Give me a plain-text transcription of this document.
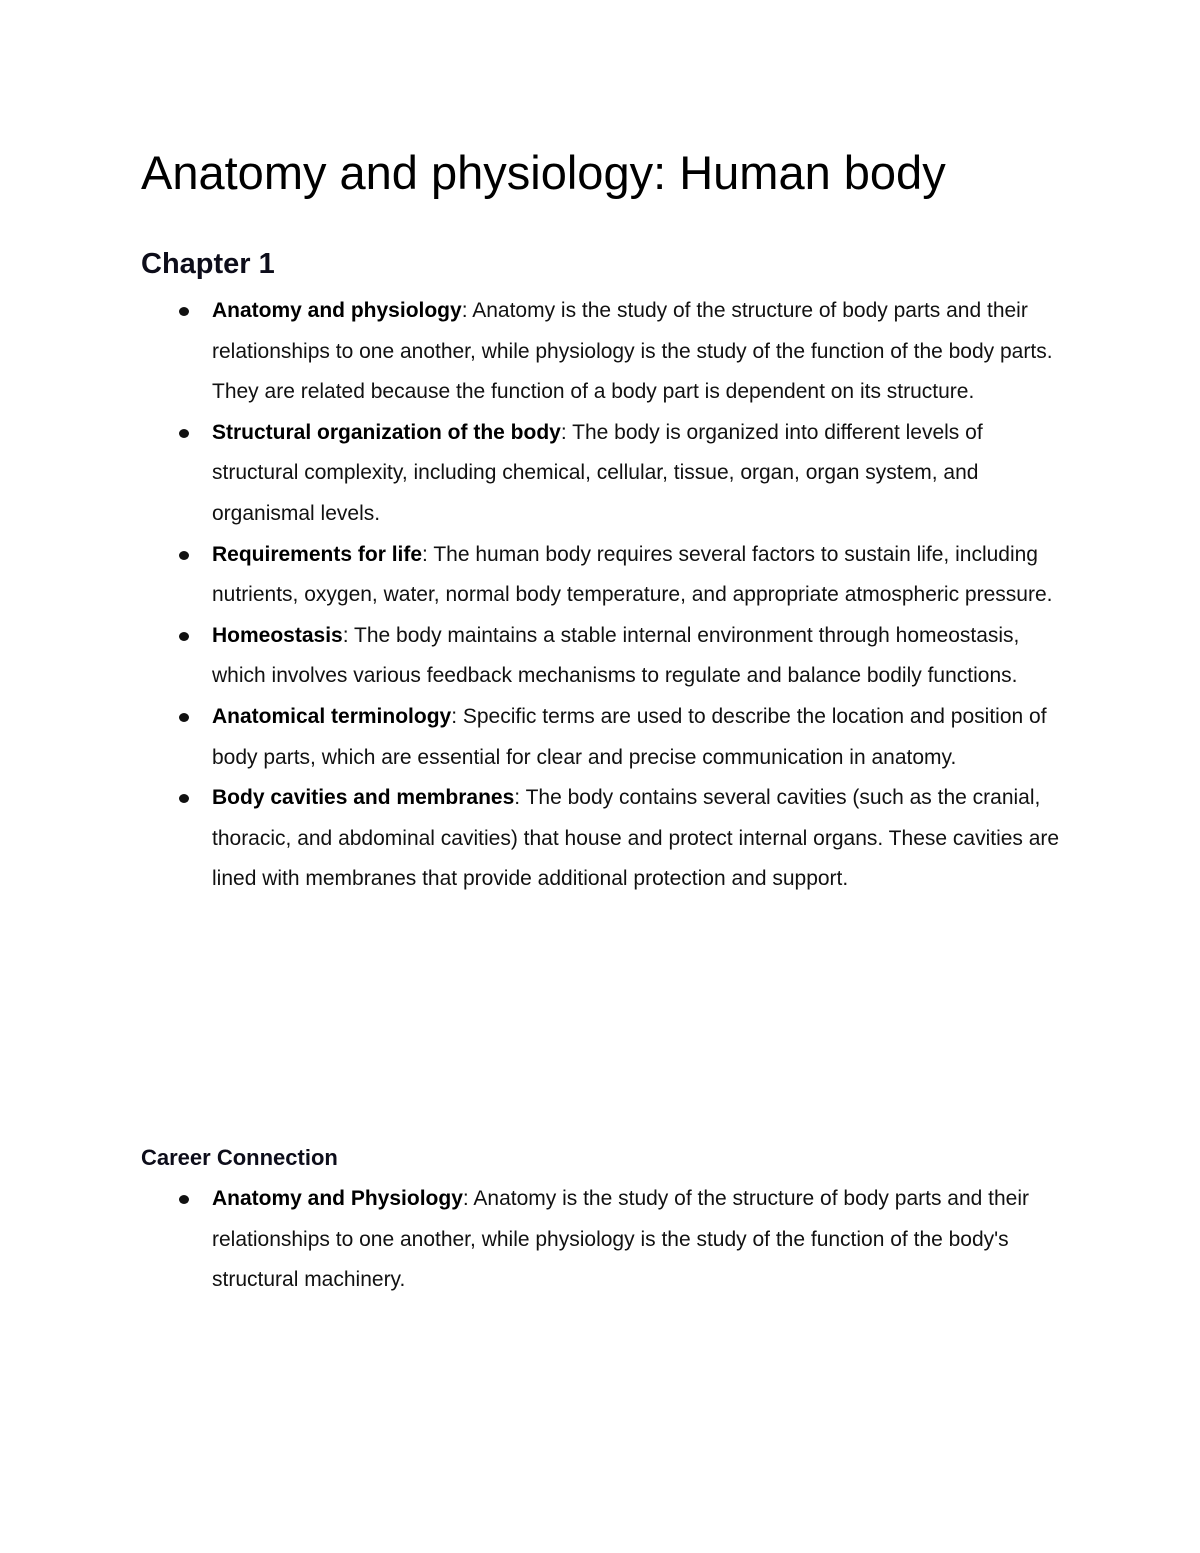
Anatomy and physiology: Human body
Chapter 1
Anatomy and physiology: Anatomy is the study of the structure of body parts and their relationships to one another, while physiology is the study of the function of the body parts. They are related because the function of a body part is dependent on its structure.
Structural organization of the body: The body is organized into different levels of structural complexity, including chemical, cellular, tissue, organ, organ system, and organismal levels.
Requirements for life: The human body requires several factors to sustain life, including nutrients, oxygen, water, normal body temperature, and appropriate atmospheric pressure.
Homeostasis: The body maintains a stable internal environment through homeostasis, which involves various feedback mechanisms to regulate and balance bodily functions.
Anatomical terminology: Specific terms are used to describe the location and position of body parts, which are essential for clear and precise communication in anatomy.
Body cavities and membranes: The body contains several cavities (such as the cranial, thoracic, and abdominal cavities) that house and protect internal organs. These cavities are lined with membranes that provide additional protection and support.
Career Connection
Anatomy and Physiology: Anatomy is the study of the structure of body parts and their relationships to one another, while physiology is the study of the function of the body's structural machinery.
